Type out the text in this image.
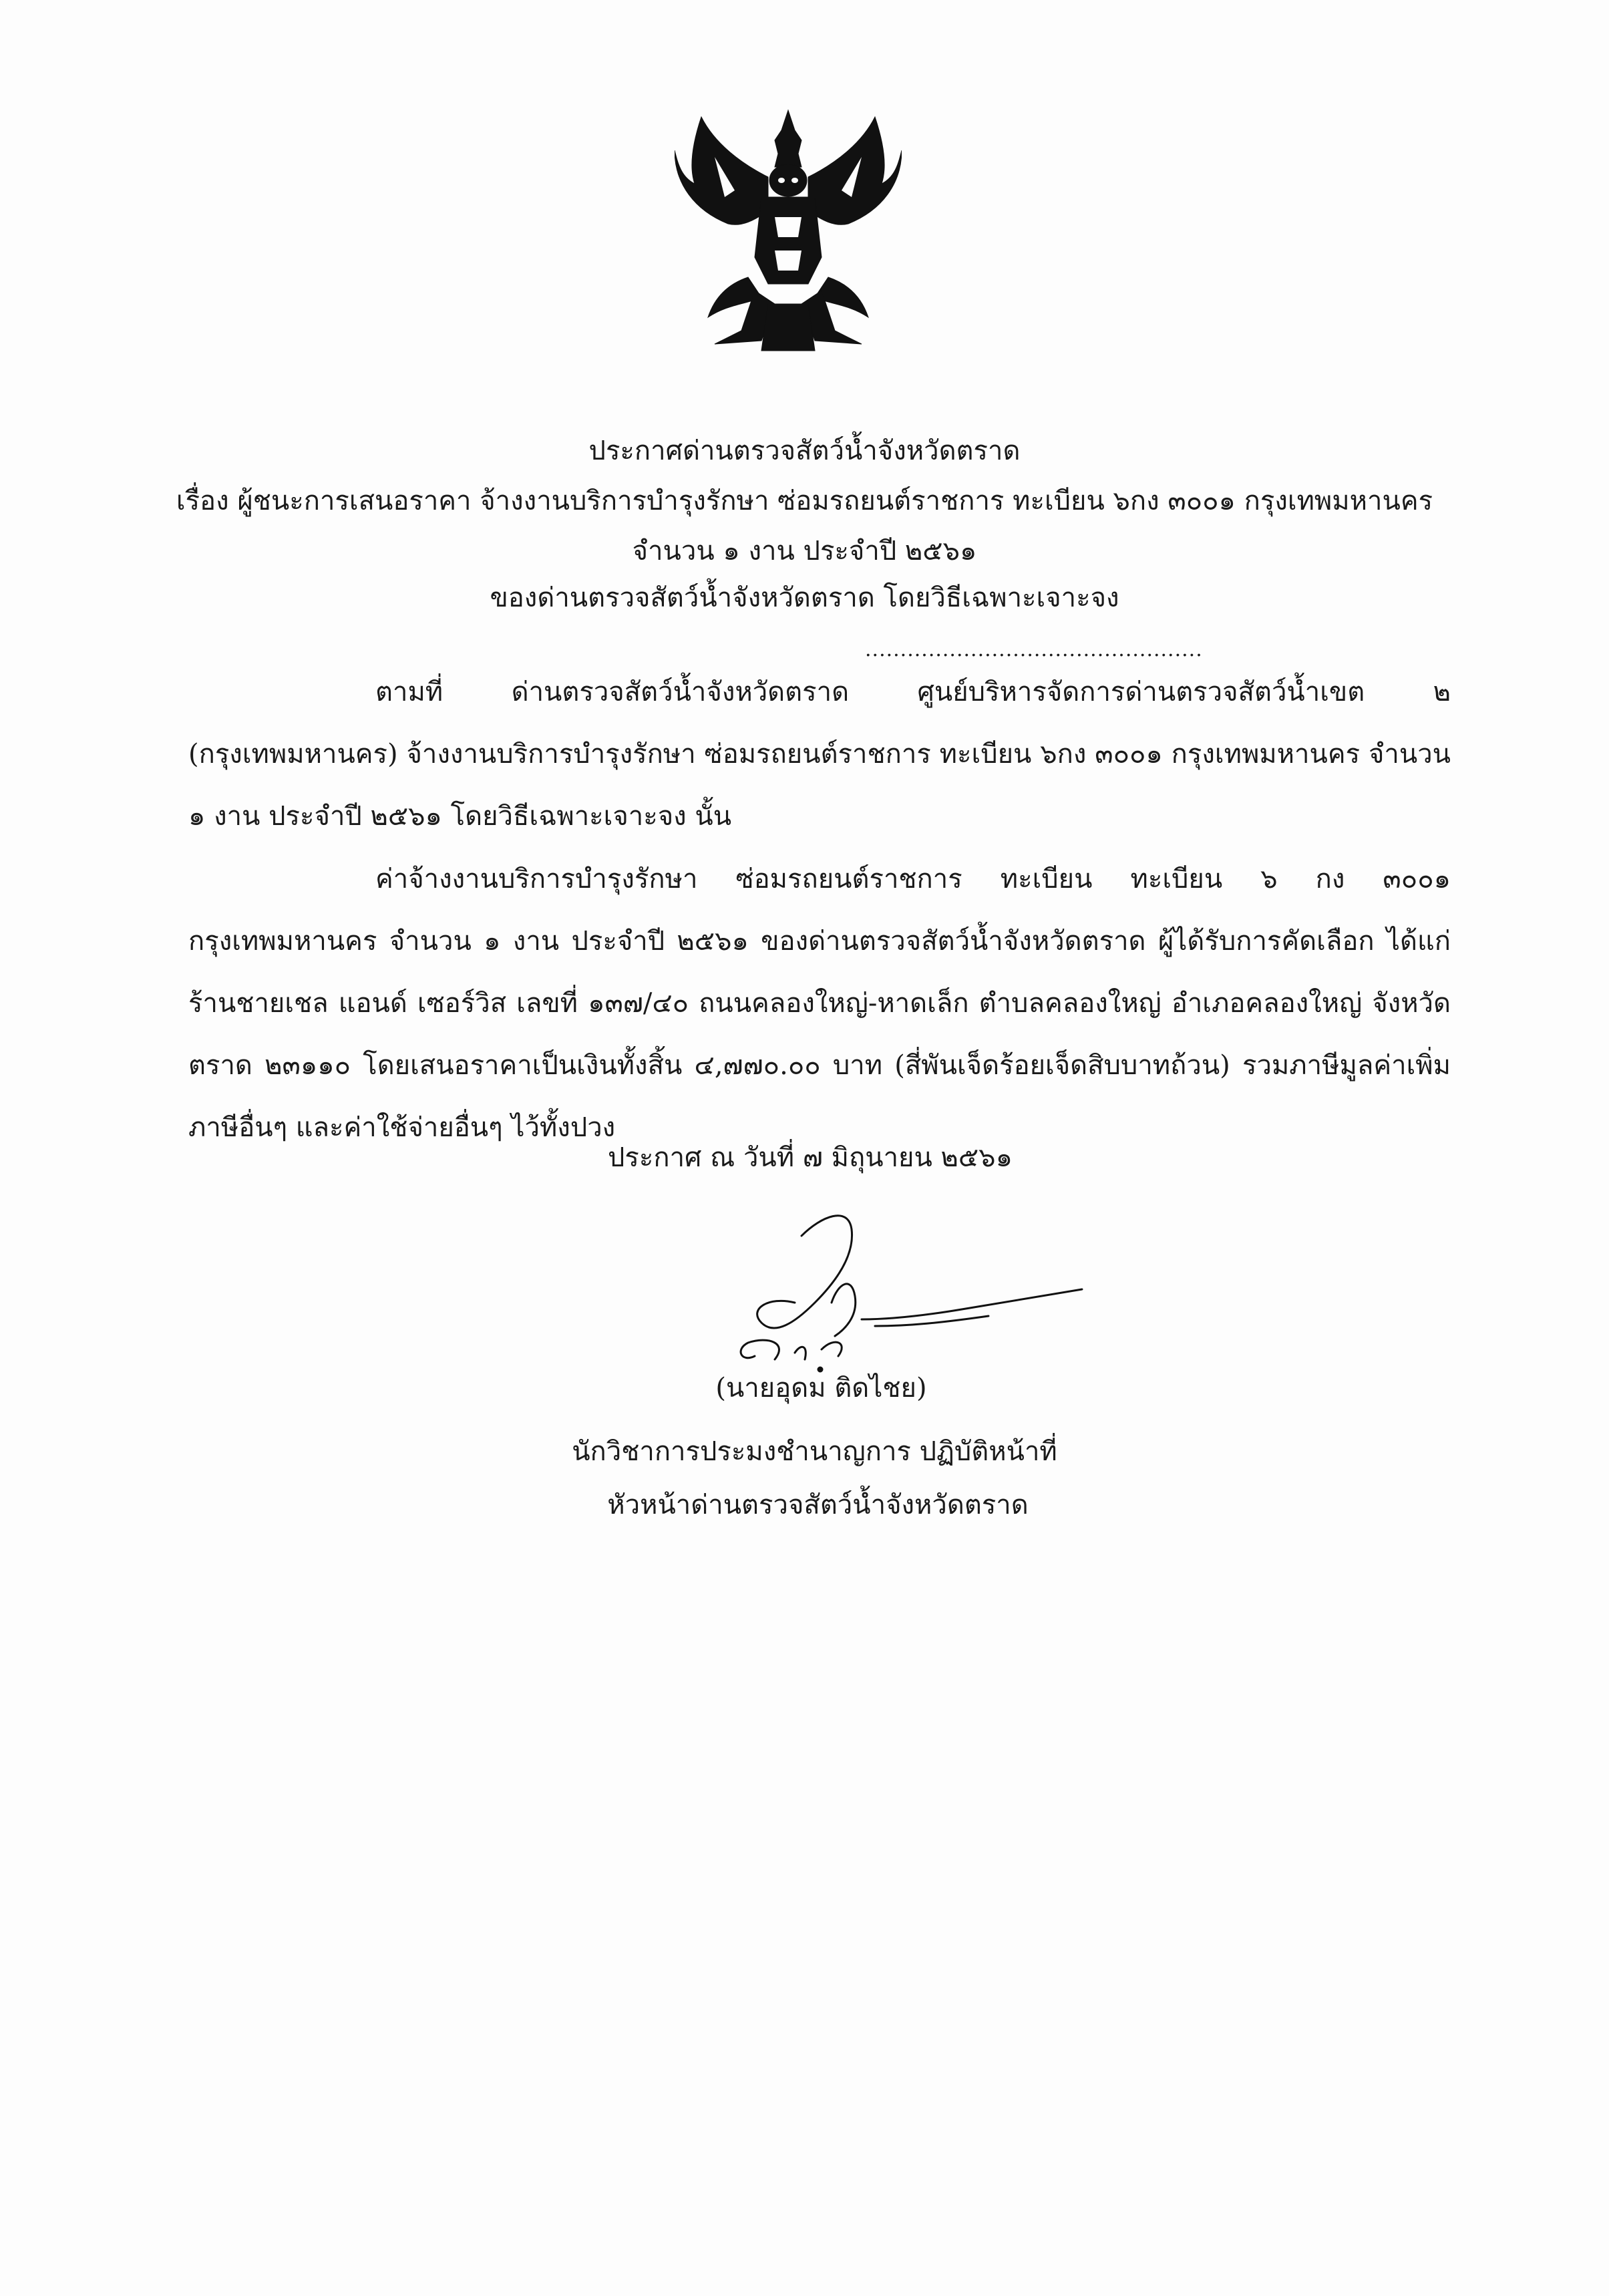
ประกาศด่านตรวจสัตว์น้ำจังหวัดตราด
เรื่อง ผู้ชนะการเสนอราคา จ้างงานบริการบำรุงรักษา ซ่อมรถยนต์ราชการ ทะเบียน ๖กง ๓๐๐๑ กรุงเทพมหานคร
จำนวน ๑ งาน ประจำปี ๒๕๖๑
ของด่านตรวจสัตว์น้ำจังหวัดตราด โดยวิธีเฉพาะเจาะจง
................................................

ตามที่ ด่านตรวจสัตว์น้ำจังหวัดตราด ศูนย์บริหารจัดการด่านตรวจสัตว์น้ำเขต ๒ (กรุงเทพมหานคร) จ้างงานบริการบำรุงรักษา ซ่อมรถยนต์ราชการ ทะเบียน ๖กง ๓๐๐๑ กรุงเทพมหานคร จำนวน ๑ งาน ประจำปี ๒๕๖๑ โดยวิธีเฉพาะเจาะจง นั้น

ค่าจ้างงานบริการบำรุงรักษา ซ่อมรถยนต์ราชการ ทะเบียน ทะเบียน ๖ กง ๓๐๐๑ กรุงเทพมหานคร จำนวน ๑ งาน ประจำปี ๒๕๖๑ ของด่านตรวจสัตว์น้ำจังหวัดตราด ผู้ได้รับการคัดเลือก ได้แก่ ร้านชายเชล แอนด์ เซอร์วิส เลขที่ ๑๓๗/๔๐ ถนนคลองใหญ่-หาดเล็ก ตำบลคลองใหญ่ อำเภอคลองใหญ่ จังหวัดตราด ๒๓๑๑๐ โดยเสนอราคาเป็นเงินทั้งสิ้น ๔,๗๗๐.๐๐ บาท (สี่พันเจ็ดร้อยเจ็ดสิบบาทถ้วน) รวมภาษีมูลค่าเพิ่ม ภาษีอื่นๆ และค่าใช้จ่ายอื่นๆ ไว้ทั้งปวง

ประกาศ ณ วันที่ ๗ มิถุนายน ๒๕๖๑
(นายอุดม ติดไชย)
นักวิชาการประมงชำนาญการ ปฏิบัติหน้าที่
หัวหน้าด่านตรวจสัตว์น้ำจังหวัดตราด
